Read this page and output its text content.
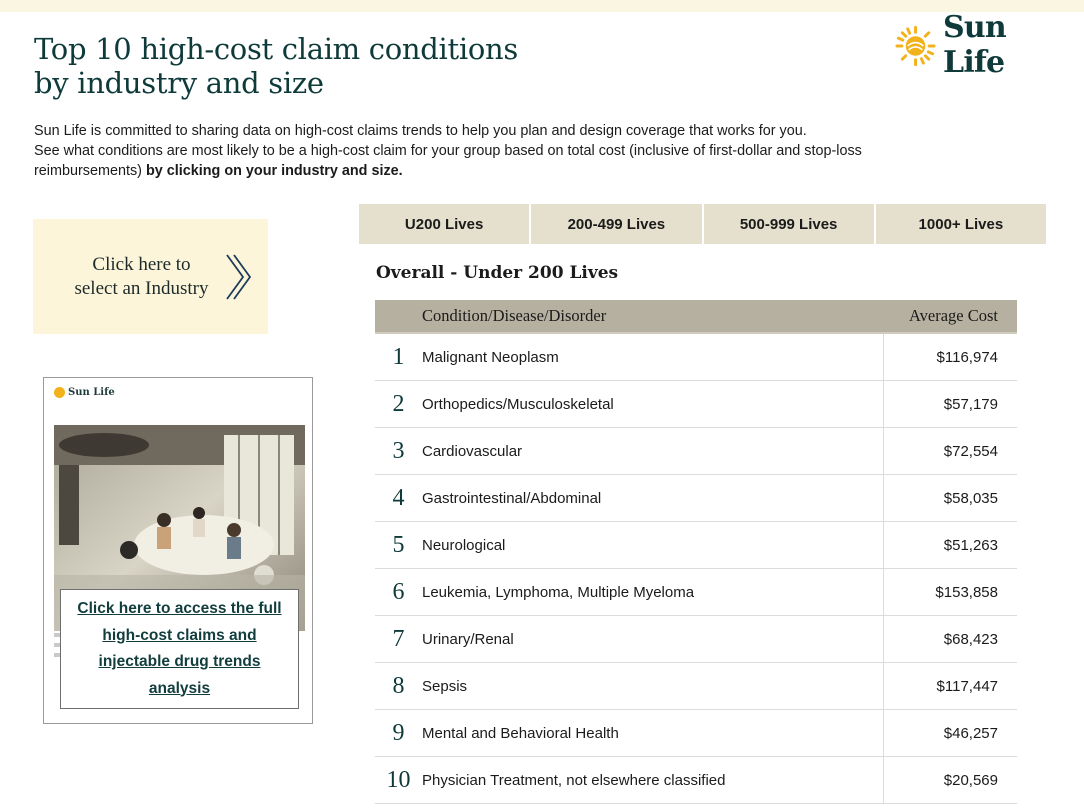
Top 10 high-cost claim conditions
by industry and size
Sun Life
Sun Life is committed to sharing data on high-cost claims trends to help you plan and design coverage that works for you.
See what conditions are most likely to be a high-cost claim for your group based on total cost (inclusive of first-dollar and stop-loss reimbursements) by clicking on your industry and size.
Click here to
select an Industry
Sun Life
Click here to access the full high-cost claims and injectable drug trends analysis
U200 Lives	200-499 Lives	500-999 Lives	1000+ Lives
Overall - Under 200 Lives
Condition/Disease/Disorder	Average Cost
1	Malignant Neoplasm	$116,974
2	Orthopedics/Musculoskeletal	$57,179
3	Cardiovascular	$72,554
4	Gastrointestinal/Abdominal	$58,035
5	Neurological	$51,263
6	Leukemia, Lymphoma, Multiple Myeloma	$153,858
7	Urinary/Renal	$68,423
8	Sepsis	$117,447
9	Mental and Behavioral Health	$46,257
10 Physician Treatment, not elsewhere classified	$20,569
